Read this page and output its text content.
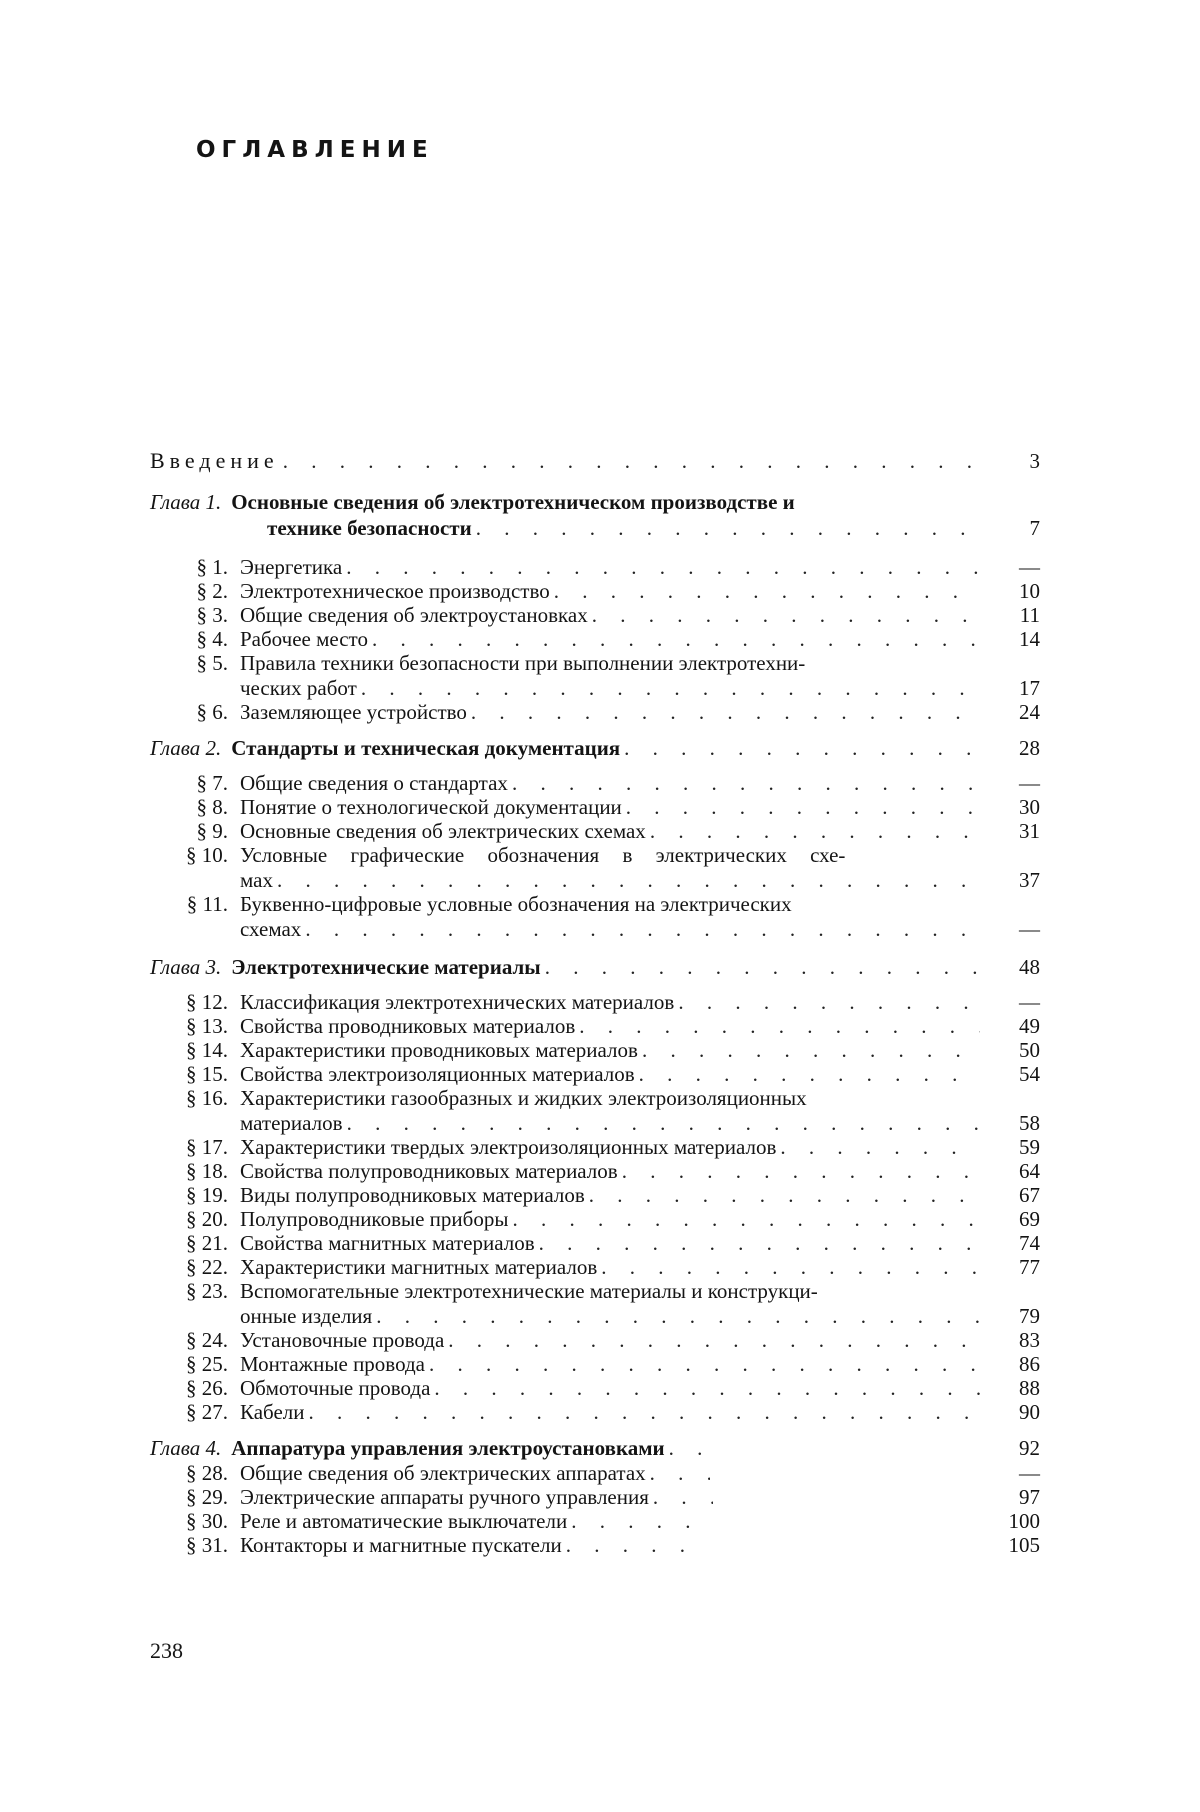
ОГЛАВЛЕНИЕ
Введение . . .	3
Глава 1. Основные сведения об электротехническом производстве и
технике безопасности . . .	7
§ 1. Энергетика . . .	—
§ 2. Электротехническое производство . . .	10
§ 3. Общие сведения об электроустановках . . .	11
§ 4. Рабочее место . . .	14
§ 5. Правила техники безопасности при выполнении электротехни-
ческих работ . . .	17
§ 6. Заземляющее устройство . . .	24
Глава 2. Стандарты и техническая документация . . .	28
§ 7. Общие сведения о стандартах . . .	—
§ 8. Понятие о технологической документации . . .	30
§ 9. Основные сведения об электрических схемах . . .	31
§ 10. Условные графические обозначения в электрических схе-
мах . . .	37
§ 11. Буквенно-цифровые условные обозначения на электрических
схемах . . .	—
Глава 3. Электротехнические материалы . . .	48
§ 12. Классификация электротехнических материалов . . .	—
§ 13. Свойства проводниковых материалов . . .	49
§ 14. Характеристики проводниковых материалов . . .	50
§ 15. Свойства электроизоляционных материалов . . .	54
§ 16. Характеристики газообразных и жидких электроизоляционных
материалов . . .	58
§ 17. Характеристики твердых электроизоляционных материалов . . .	59
§ 18. Свойства полупроводниковых материалов . . .	64
§ 19. Виды полупроводниковых материалов . . .	67
§ 20. Полупроводниковые приборы . . .	69
§ 21. Свойства магнитных материалов . . .	74
§ 22. Характеристики магнитных материалов . . .	77
§ 23. Вспомогательные электротехнические материалы и конструкци-
онные изделия . . .	79
§ 24. Установочные провода . . .	83
§ 25. Монтажные провода . . .	86
§ 26. Обмоточные провода . . .	88
§ 27. Кабели . . .	90
Глава 4. Аппаратура управления электроустановками . . .	92
§ 28. Общие сведения об электрических аппаратах . . .	—
§ 29. Электрические аппараты ручного управления . . .	97
§ 30. Реле и автоматические выключатели . . .	100
§ 31. Контакторы и магнитные пускатели . . .	105
238
